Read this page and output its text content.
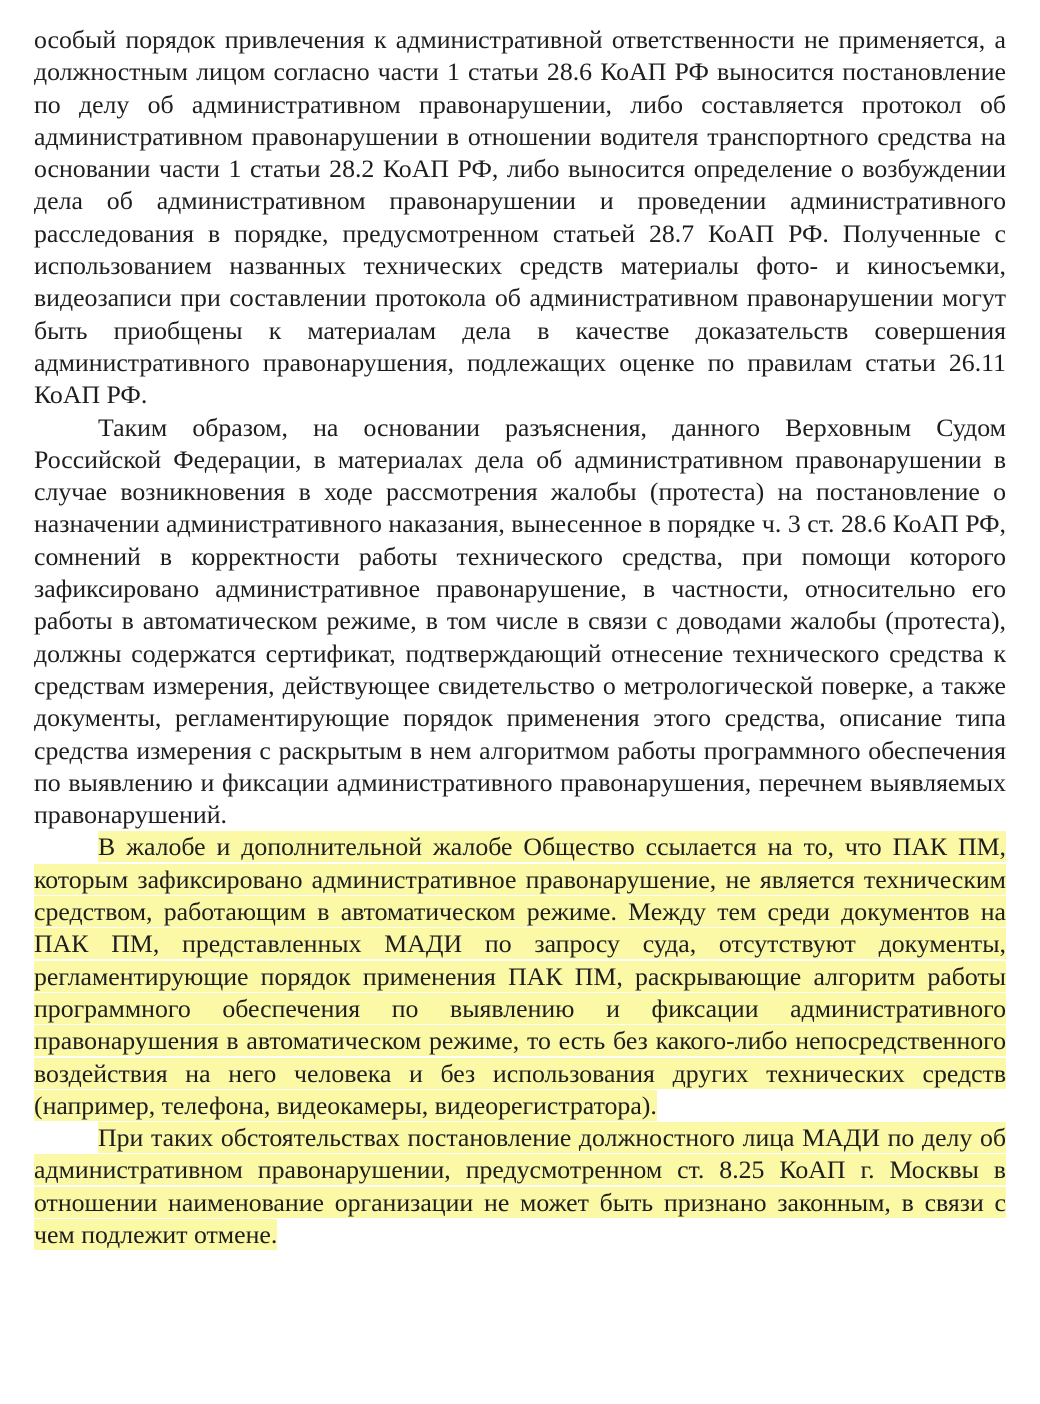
особый порядок привлечения к административной ответственности не применяется, а должностным лицом согласно части 1 статьи 28.6 КоАП РФ выносится постановление по делу об административном правонарушении, либо составляется протокол об административном правонарушении в отношении водителя транспортного средства на основании части 1 статьи 28.2 КоАП РФ, либо выносится определение о возбуждении дела об административном правонарушении и проведении административного расследования в порядке, предусмотренном статьей 28.7 КоАП РФ. Полученные с использованием названных технических средств материалы фото- и киносъемки, видеозаписи при составлении протокола об административном правонарушении могут быть приобщены к материалам дела в качестве доказательств совершения административного правонарушения, подлежащих оценке по правилам статьи 26.11 КоАП РФ.

Таким образом, на основании разъяснения, данного Верховным Судом Российской Федерации, в материалах дела об административном правонарушении в случае возникновения в ходе рассмотрения жалобы (протеста) на постановление о назначении административного наказания, вынесенное в порядке ч. 3 ст. 28.6 КоАП РФ, сомнений в корректности работы технического средства, при помощи которого зафиксировано административное правонарушение, в частности, относительно его работы в автоматическом режиме, в том числе в связи с доводами жалобы (протеста), должны содержатся сертификат, подтверждающий отнесение технического средства к средствам измерения, действующее свидетельство о метрологической поверке, а также документы, регламентирующие порядок применения этого средства, описание типа средства измерения с раскрытым в нем алгоритмом работы программного обеспечения по выявлению и фиксации административного правонарушения, перечнем выявляемых правонарушений.

В жалобе и дополнительной жалобе Общество ссылается на то, что ПАК ПМ, которым зафиксировано административное правонарушение, не является техническим средством, работающим в автоматическом режиме. Между тем среди документов на ПАК ПМ, представленных МАДИ по запросу суда, отсутствуют документы, регламентирующие порядок применения ПАК ПМ, раскрывающие алгоритм работы программного обеспечения по выявлению и фиксации административного правонарушения в автоматическом режиме, то есть без какого-либо непосредственного воздействия на него человека и без использования других технических средств (например, телефона, видеокамеры, видеорегистратора).

При таких обстоятельствах постановление должностного лица МАДИ по делу об административном правонарушении, предусмотренном ст. 8.25 КоАП г. Москвы в отношении наименование организации не может быть признано законным, в связи с чем подлежит отмене.
